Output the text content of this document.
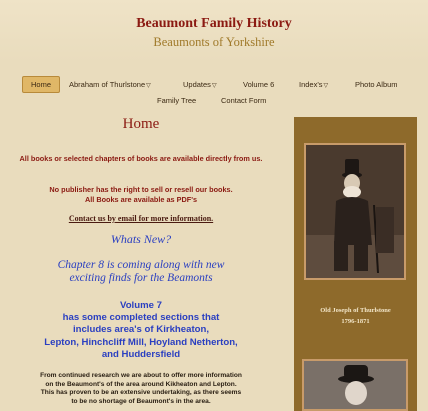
Beaumont Family History
Beaumonts of Yorkshire
Home	Abraham of Thurlstone▽	Updates▽	Volume 6	Index's▽	Photo Album
Family Tree	Contact Form
Home
All books or selected chapters of books are available directly from us.
No publisher has the right to sell or resell our books.
All Books are available as PDF's
Contact us by email for more information.
Whats New?
Chapter 8 is coming along with new
exciting finds for the Beamonts
Volume 7
has some completed sections that
includes area's of Kirkheaton,
Lepton, Hinchcliff Mill, Hoyland Netherton,
and Huddersfield
From continued research we are about to offer more information
on the Beaumont's of the area around Kikheaton and Lepton.
This has proven to be an extensive undertaking, as there seems
to be no shortage of Beaumont's in the area.
Old Joseph of Thurlstone
1796-1871
